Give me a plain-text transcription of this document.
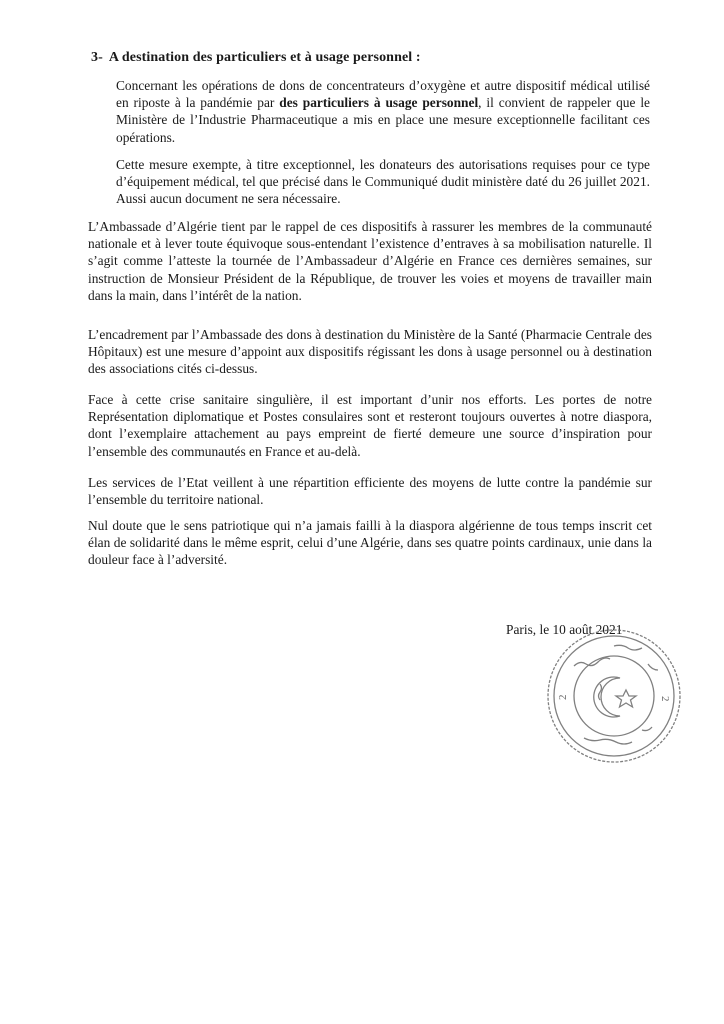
3- A destination des particuliers et à usage personnel :
Concernant les opérations de dons de concentrateurs d’oxygène et autre dispositif médical utilisé en riposte à la pandémie par des particuliers à usage personnel, il convient de rappeler que le Ministère de l’Industrie Pharmaceutique a mis en place une mesure exceptionnelle facilitant ces opérations.
Cette mesure exempte, à titre exceptionnel, les donateurs des autorisations requises pour ce type d’équipement médical, tel que précisé dans le Communiqué dudit ministère daté du 26 juillet 2021. Aussi aucun document ne sera nécessaire.
L’Ambassade d’Algérie tient par le rappel de ces dispositifs à rassurer les membres de la communauté nationale et à lever toute équivoque sous-entendant l’existence d’entraves à sa mobilisation naturelle. Il s’agit comme l’atteste la tournée de l’Ambassadeur d’Algérie en France ces dernières semaines, sur instruction de Monsieur Président de la République, de trouver les voies et moyens de travailler main dans la main, dans l’intérêt de la nation.
L’encadrement par l’Ambassade des dons à destination du Ministère de la Santé (Pharmacie Centrale des Hôpitaux) est une mesure d’appoint aux dispositifs régissant les dons à usage personnel ou à destination des associations cités ci-dessus.
Face à cette crise sanitaire singulière, il est important d’unir nos efforts. Les portes de notre Représentation diplomatique et Postes consulaires sont et resteront toujours ouvertes à notre diaspora, dont l’exemplaire attachement au pays empreint de fierté demeure une source d’inspiration pour l’ensemble des communautés en France et au-delà.
Les services de l’Etat veillent à une répartition efficiente des moyens de lutte contre la pandémie sur l’ensemble du territoire national.
Nul doute que le sens patriotique qui n’a jamais failli à la diaspora algérienne de tous temps inscrit cet élan de solidarité dans le même esprit, celui d’une Algérie, dans ses quatre points cardinaux, unie dans la douleur face à l’adversité.
Paris, le 10 août 2021
2	2
